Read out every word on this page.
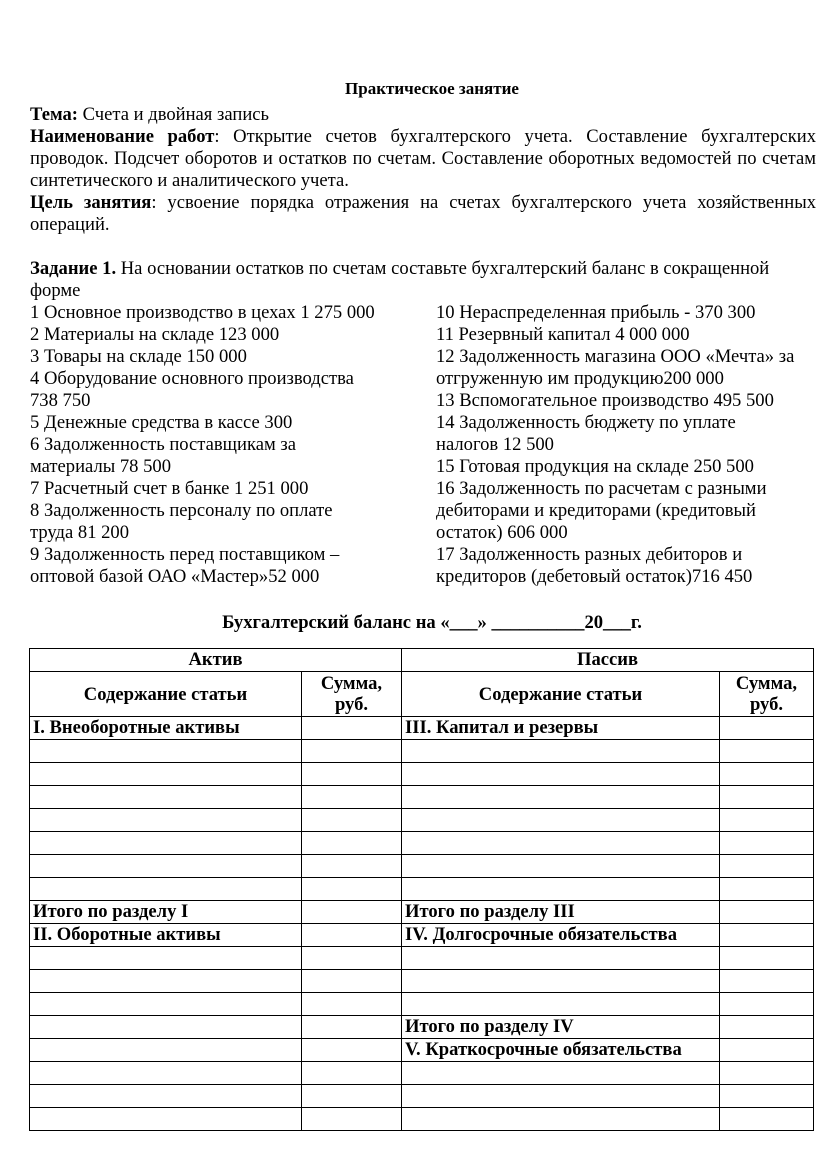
Практическое занятие

Тема: Счета и двойная запись

Наименование работ: Открытие счетов бухгалтерского учета. Составление бухгалтерских проводок. Подсчет оборотов и остатков по счетам. Составление оборотных ведомостей по счетам синтетического и аналитического учета.

Цель занятия: усвоение порядка отражения на счетах бухгалтерского учета хозяйственных операций.

Задание 1. На основании остатков по счетам составьте бухгалтерский баланс в сокращенной форме

1 Основное производство в цехах 1 275 000

2 Материалы на складе 123 000

3 Товары на складе 150 000

4 Оборудование основного производства 738 750

5 Денежные средства в кассе 300

6 Задолженность поставщикам за материалы 78 500

7 Расчетный счет в банке 1 251 000

8 Задолженность персоналу по оплате труда 81 200

9 Задолженность перед поставщиком – оптовой базой ОАО «Мастер»52 000

10 Нераспределенная прибыль - 370 300

11 Резервный капитал 4 000 000

12 Задолженность магазина ООО «Мечта» за отгруженную им продукцию200 000

13 Вспомогательное производство 495 500

14 Задолженность бюджету по уплате налогов 12 500

15 Готовая продукция на складе 250 500

16 Задолженность по расчетам с разными дебиторами и кредиторами (кредитовый остаток) 606 000

17 Задолженность разных дебиторов и кредиторов (дебетовый остаток)716 450

Бухгалтерский баланс на «___» __________20___г.
Актив		Пассив	
Содержание статьи	Сумма, руб.	Содержание статьи	Сумма, руб.
I. Внеоборотные активы		III. Капитал и резервы	

Итого по разделу I		Итого по разделу III	
II. Оборотные активы		IV. Долгосрочные обязательства	

		Итого по разделу IV	
		V. Краткосрочные обязательства	
